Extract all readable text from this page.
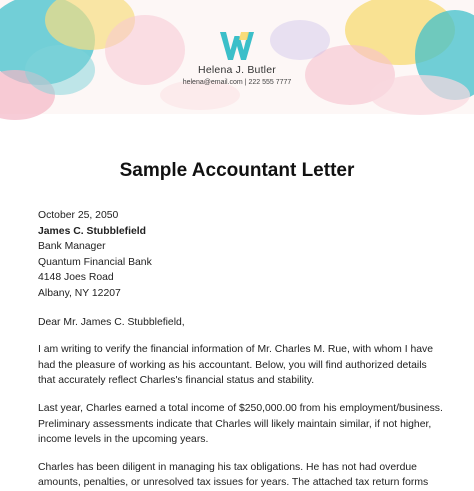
Helena J. Butler
helena@email.com | 222 555 7777
Sample Accountant Letter

October 25, 2050

James C. Stubblefield

Bank Manager

Quantum Financial Bank

4148 Joes Road

Albany, NY 12207

Dear Mr. James C. Stubblefield,

I am writing to verify the financial information of Mr. Charles M. Rue, with whom I have

had the pleasure of working as his accountant. Below, you will find authorized details

that accurately reflect Charles's financial status and stability.

Last year, Charles earned a total income of $250,000.00 from his employment/business.

Preliminary assessments indicate that Charles will likely maintain similar, if not higher,

income levels in the upcoming years.

Charles has been diligent in managing his tax obligations. He has not had overdue

amounts, penalties, or unresolved tax issues for years. The attached tax return forms
